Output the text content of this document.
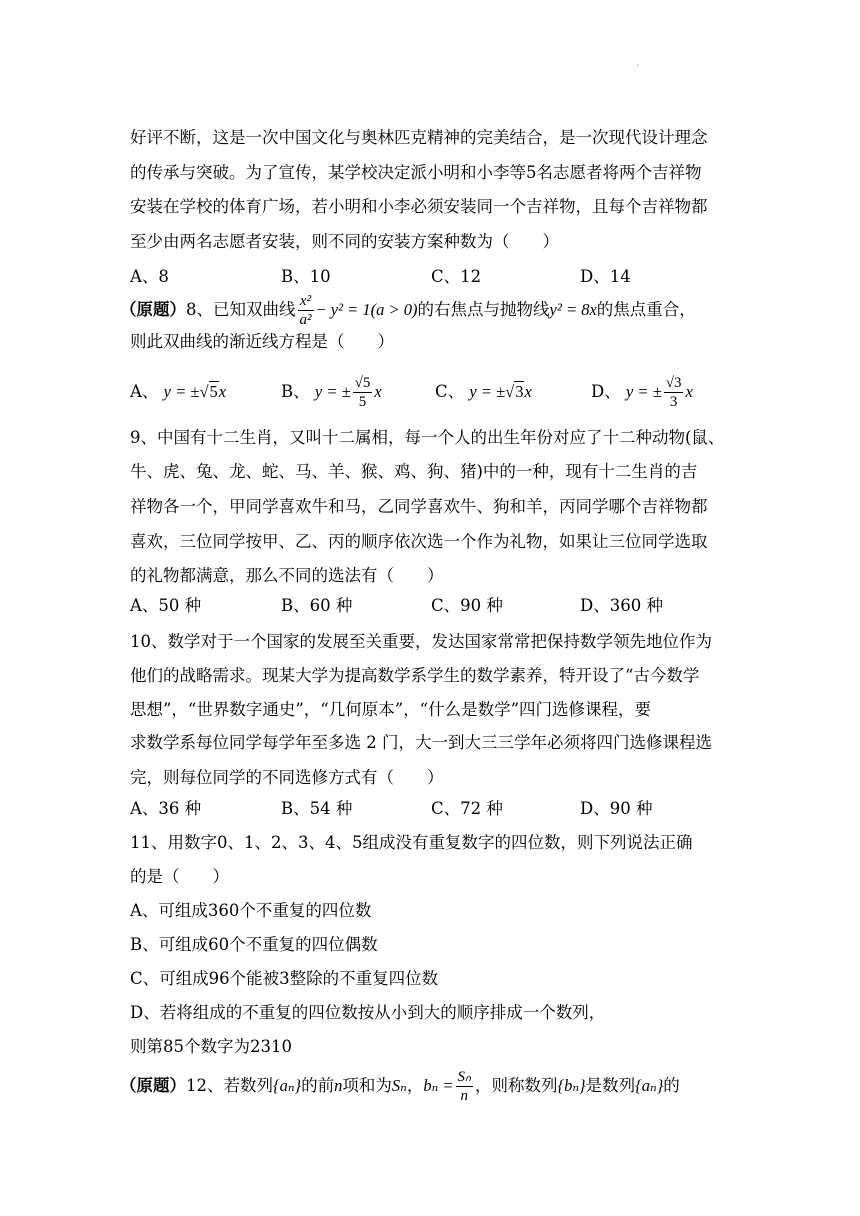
.
好评不断，这是一次中国文化与奥林匹克精神的完美结合，是一次现代设计理念
的传承与突破。为了宣传，某学校决定派小明和小李等5名志愿者将两个吉祥物
安装在学校的体育广场，若小明和小李必须安装同一个吉祥物，且每个吉祥物都
至少由两名志愿者安装，则不同的安装方案种数为（　　）
A、8	B、10	C、12	D、14
（原题）8、已知双曲线 $\frac{\text{x²}}{\text{a²}} - y^2 = 1(a > 0)$的右焦点与抛物线y² = 8x的焦点重合，
则此双曲线的渐近线方程是（　　）
A、 y = ±√5x	B、 y = ± $\frac{√5}{5}$ x	C、 y = ±√3x	D、 y = ± $\frac{√3}{3}$ x
9、中国有十二生肖，又叫十二属相，每一个人的出生年份对应了十二种动物(鼠、
牛、虎、兔、龙、蛇、马、羊、猴、鸡、狗、猪)中的一种，现有十二生肖的吉
祥物各一个，甲同学喜欢牛和马，乙同学喜欢牛、狗和羊，丙同学哪个吉祥物都
喜欢，三位同学按甲、乙、丙的顺序依次选一个作为礼物，如果让三位同学选取
的礼物都满意，那么不同的选法有（　　）
A、50 种	B、60 种	C、90 种	D、360 种
10、数学对于一个国家的发展至关重要，发达国家常常把保持数学领先地位作为
他们的战略需求。现某大学为提高数学系学生的数学素养，特开设了“古今数学
思想”，“世界数字通史”，“几何原本”，“什么是数学”四门选修课程，要
求数学系每位同学每学年至多选 2 门，大一到大三三学年必须将四门选修课程选
完，则每位同学的不同选修方式有（　　）
A、36 种	B、54 种	C、72 种	D、90 种
11、用数字0、1、2、3、4、5组成没有重复数字的四位数，则下列说法正确
的是（　　）
A、可组成360个不重复的四位数
B、可组成60个不重复的四位偶数
C、可组成96个能被3整除的不重复四位数
D、若将组成的不重复的四位数按从小到大的顺序排成一个数列，
则第85个数字为2310
（原题）12、若数列{aₙ}的前n项和为Sₙ，$b_n = \frac{\text{Sₙ}}{n}$ ，则称数列{bₙ}是数列{aₙ}的
